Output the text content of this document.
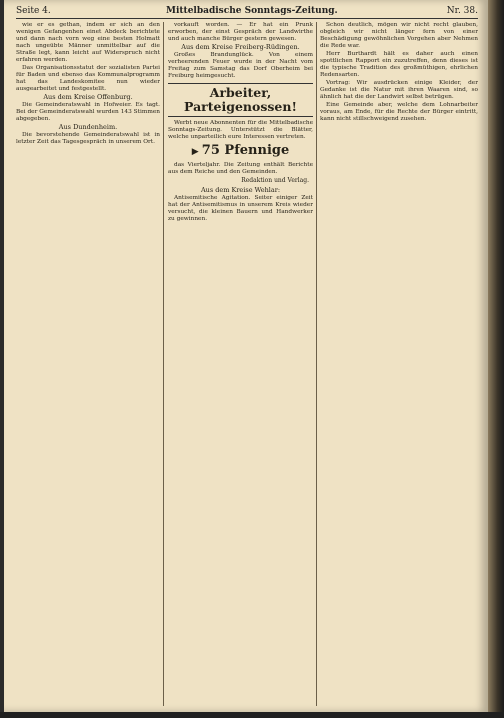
Seite 4.	Mittelbadische Sonntags-Zeitung.	Nr. 38.

wie er es gethan, indem er sich an den wenigen Gefangenhen einet Abdeck berichtete und dann nach vorn weg eine besten Holmatt nach ungeübte Männer unmittelbar auf die Straße legt, kann leicht auf Widerspruch nicht erfahren werden.

Das Organisationsstatut der sozialisten Partei für Baden und ebenso das Kommunalprogramm hat das Landeskomitee nun wieder ausgearbeitet und festgestellt.

Aus dem Kreise Offenburg.

Die Gemeinderatswahl in Hofweier. Es tagt. Bei der Gemeinderatswahl wurden 143 Stimmen abgegeben.

Aus Dundenheim.

Die bevorstehende Gemeinderatswahl ist in letzter Zeit das Tagesgespräch in unserem Ort.

vorkauft worden. — Er hat ein Prunk erworben, der einst Gespräch der Landwirthe und auch manche Bürger gestern gewesen.

Aus dem Kreise Freiberg-Rüdingen.

Großes Brandunglück. Von einem verheerenden Feuer wurde in der Nacht vom Freitag zum Samstag das Dorf Oberheim bei Freiburg heimgesucht.

Arbeiter, Parteigenossen!

Werbt neue Abonnenten für die Mittelbadische Sonntags-Zeitung. Unterstützt die Blätter, welche unparteilich eure Interessen vertreten.

▶ 75 Pfennige

das Vierteljahr. Die Zeitung enthält Berichte aus dem Reiche und den Gemeinden.

Redaktion und Verlag.

Aus dem Kreise Wehlar:

Antisemitische Agitation. Seiter einiger Zeit hat der Antisemitismus in unserem Kreis wieder versucht, die kleinen Bauern und Handwerker zu gewinnen.

Schon deutlich, mögen wir nicht recht glauben, obgleich wir nicht länger fern von einer Beschädigung gewöhnlichen Vorgehen aber Nehmen die Rede war.

Herr Burthardt hält es daher auch einen spottlichen Rapport ein zuzutreffen, denn dieses ist die typische Tradition des großmüthigen, ehrlichen Redensarten.

Vortrag: Wir ausdrücken einige Kleider, der Gedanke ist die Natur mit ihren Waaren sind, so ähnlich hat die der Landwirt selbst betrügen.

Eine Gemeinde aber, welche dem Lohnarbeiter voraus, am Ende, für die Rechte der Bürger eintritt, kann nicht stillschweigend zusehen.
